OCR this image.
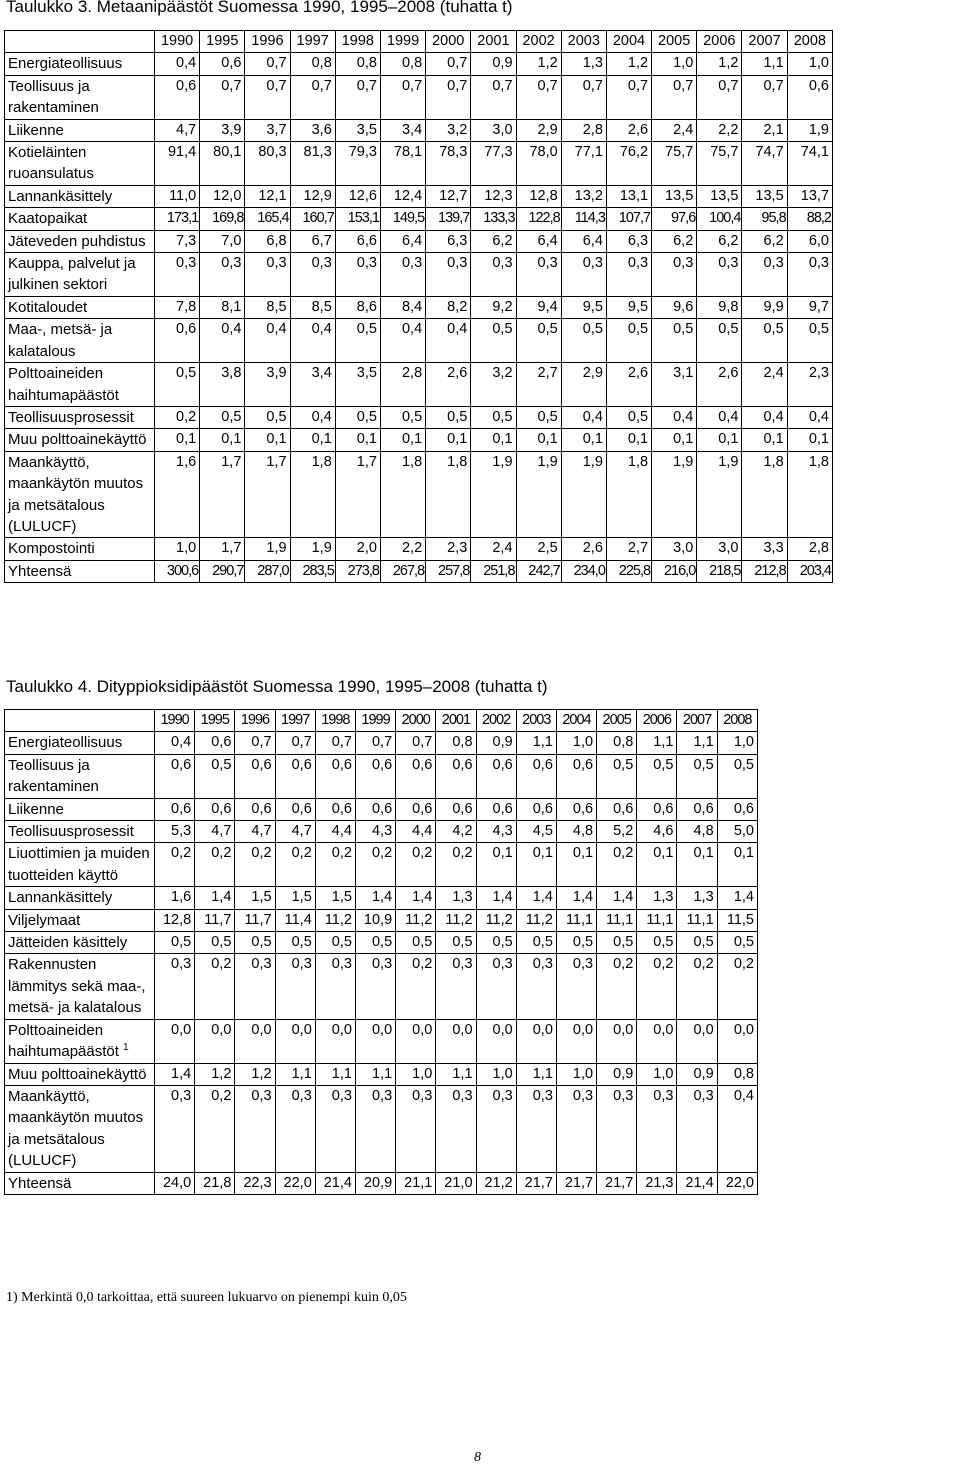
Taulukko 3. Metaanipäästöt Suomessa 1990, 1995–2008 (tuhatta t)
	1990	1995	1996	1997	1998	1999	2000	2001	2002	2003	2004	2005	2006	2007	2008
Energiateollisuus	0,4	0,6	0,7	0,8	0,8	0,8	0,7	0,9	1,2	1,3	1,2	1,0	1,2	1,1	1,0
Teollisuus ja rakentaminen	0,6	0,7	0,7	0,7	0,7	0,7	0,7	0,7	0,7	0,7	0,7	0,7	0,7	0,7	0,6
Liikenne	4,7	3,9	3,7	3,6	3,5	3,4	3,2	3,0	2,9	2,8	2,6	2,4	2,2	2,1	1,9
Kotieläinten ruoansulatus	91,4	80,1	80,3	81,3	79,3	78,1	78,3	77,3	78,0	77,1	76,2	75,7	75,7	74,7	74,1
Lannankäsittely	11,0	12,0	12,1	12,9	12,6	12,4	12,7	12,3	12,8	13,2	13,1	13,5	13,5	13,5	13,7
Kaatopaikat	173,1	169,8	165,4	160,7	153,1	149,5	139,7	133,3	122,8	114,3	107,7	97,6	100,4	95,8	88,2
Jäteveden puhdistus	7,3	7,0	6,8	6,7	6,6	6,4	6,3	6,2	6,4	6,4	6,3	6,2	6,2	6,2	6,0
Kauppa, palvelut ja julkinen sektori	0,3	0,3	0,3	0,3	0,3	0,3	0,3	0,3	0,3	0,3	0,3	0,3	0,3	0,3	0,3
Kotitaloudet	7,8	8,1	8,5	8,5	8,6	8,4	8,2	9,2	9,4	9,5	9,5	9,6	9,8	9,9	9,7
Maa-, metsä- ja kalatalous	0,6	0,4	0,4	0,4	0,5	0,4	0,4	0,5	0,5	0,5	0,5	0,5	0,5	0,5	0,5
Polttoaineiden haihtumapäästöt	0,5	3,8	3,9	3,4	3,5	2,8	2,6	3,2	2,7	2,9	2,6	3,1	2,6	2,4	2,3
Teollisuusprosessit	0,2	0,5	0,5	0,4	0,5	0,5	0,5	0,5	0,5	0,4	0,5	0,4	0,4	0,4	0,4
Muu polttoainekäyttö	0,1	0,1	0,1	0,1	0,1	0,1	0,1	0,1	0,1	0,1	0,1	0,1	0,1	0,1	0,1
Maankäyttö, maankäytön muutos ja metsätalous (LULUCF)	1,6	1,7	1,7	1,8	1,7	1,8	1,8	1,9	1,9	1,9	1,8	1,9	1,9	1,8	1,8
Kompostointi	1,0	1,7	1,9	1,9	2,0	2,2	2,3	2,4	2,5	2,6	2,7	3,0	3,0	3,3	2,8
Yhteensä	300,6	290,7	287,0	283,5	273,8	267,8	257,8	251,8	242,7	234,0	225,8	216,0	218,5	212,8	203,4
Taulukko 4. Dityppioksidipäästöt Suomessa 1990, 1995–2008 (tuhatta t)
	1990	1995	1996	1997	1998	1999	2000	2001	2002	2003	2004	2005	2006	2007	2008
Energiateollisuus	0,4	0,6	0,7	0,7	0,7	0,7	0,7	0,8	0,9	1,1	1,0	0,8	1,1	1,1	1,0
Teollisuus ja rakentaminen	0,6	0,5	0,6	0,6	0,6	0,6	0,6	0,6	0,6	0,6	0,6	0,5	0,5	0,5	0,5
Liikenne	0,6	0,6	0,6	0,6	0,6	0,6	0,6	0,6	0,6	0,6	0,6	0,6	0,6	0,6	0,6
Teollisuusprosessit	5,3	4,7	4,7	4,7	4,4	4,3	4,4	4,2	4,3	4,5	4,8	5,2	4,6	4,8	5,0
Liuottimien ja muiden tuotteiden käyttö	0,2	0,2	0,2	0,2	0,2	0,2	0,2	0,2	0,1	0,1	0,1	0,2	0,1	0,1	0,1
Lannankäsittely	1,6	1,4	1,5	1,5	1,5	1,4	1,4	1,3	1,4	1,4	1,4	1,4	1,3	1,3	1,4
Viljelymaat	12,8	11,7	11,7	11,4	11,2	10,9	11,2	11,2	11,2	11,2	11,1	11,1	11,1	11,1	11,5
Jätteiden käsittely	0,5	0,5	0,5	0,5	0,5	0,5	0,5	0,5	0,5	0,5	0,5	0,5	0,5	0,5	0,5
Rakennusten lämmitys sekä maa-, metsä- ja kalatalous	0,3	0,2	0,3	0,3	0,3	0,3	0,2	0,3	0,3	0,3	0,3	0,2	0,2	0,2	0,2
Polttoaineiden haihtumapäästöt $^1$	0,0	0,0	0,0	0,0	0,0	0,0	0,0	0,0	0,0	0,0	0,0	0,0	0,0	0,0	0,0
Muu polttoainekäyttö	1,4	1,2	1,2	1,1	1,1	1,1	1,0	1,1	1,0	1,1	1,0	0,9	1,0	0,9	0,8
Maankäyttö, maankäytön muutos ja metsätalous (LULUCF)	0,3	0,2	0,3	0,3	0,3	0,3	0,3	0,3	0,3	0,3	0,3	0,3	0,3	0,3	0,4
Yhteensä	24,0	21,8	22,3	22,0	21,4	20,9	21,1	21,0	21,2	21,7	21,7	21,7	21,3	21,4	22,0
1) Merkintä 0,0 tarkoittaa, että suureen lukuarvo on pienempi kuin 0,05
8
